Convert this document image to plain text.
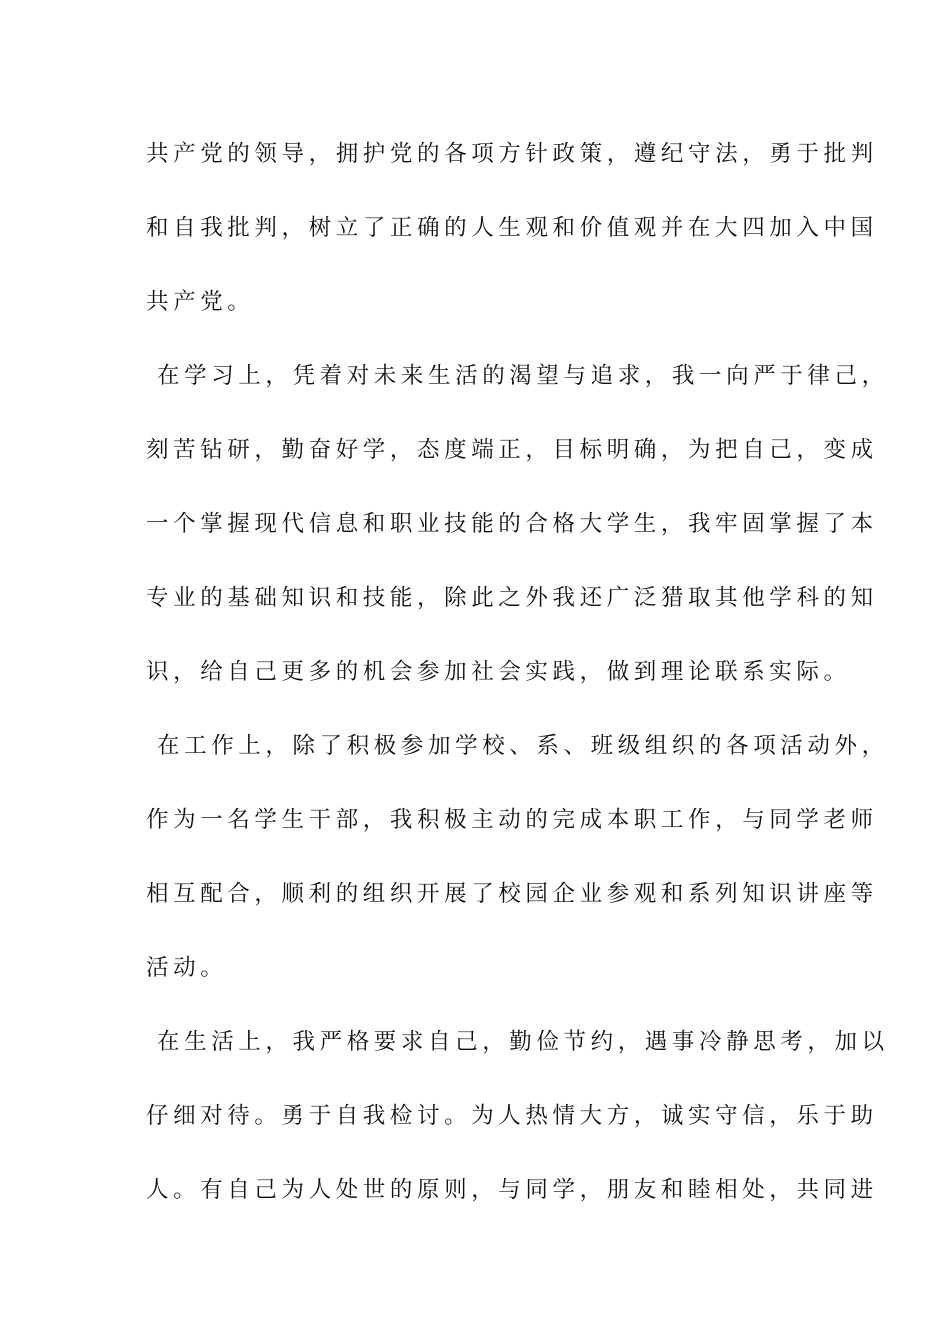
共产党的领导，拥护党的各项方针政策，遵纪守法，勇于批判
和自我批判，树立了正确的人生观和价值观并在大四加入中国
共产党。
在学习上，凭着对未来生活的渴望与追求，我一向严于律己，
刻苦钻研，勤奋好学，态度端正，目标明确，为把自己，变成
一个掌握现代信息和职业技能的合格大学生，我牢固掌握了本
专业的基础知识和技能，除此之外我还广泛猎取其他学科的知
识，给自己更多的机会参加社会实践，做到理论联系实际。
在工作上，除了积极参加学校、系、班级组织的各项活动外，
作为一名学生干部，我积极主动的完成本职工作，与同学老师
相互配合，顺利的组织开展了校园企业参观和系列知识讲座等
活动。
在生活上，我严格要求自己，勤俭节约，遇事冷静思考，加以
仔细对待。勇于自我检讨。为人热情大方，诚实守信，乐于助
人。有自己为人处世的原则，与同学，朋友和睦相处，共同进
